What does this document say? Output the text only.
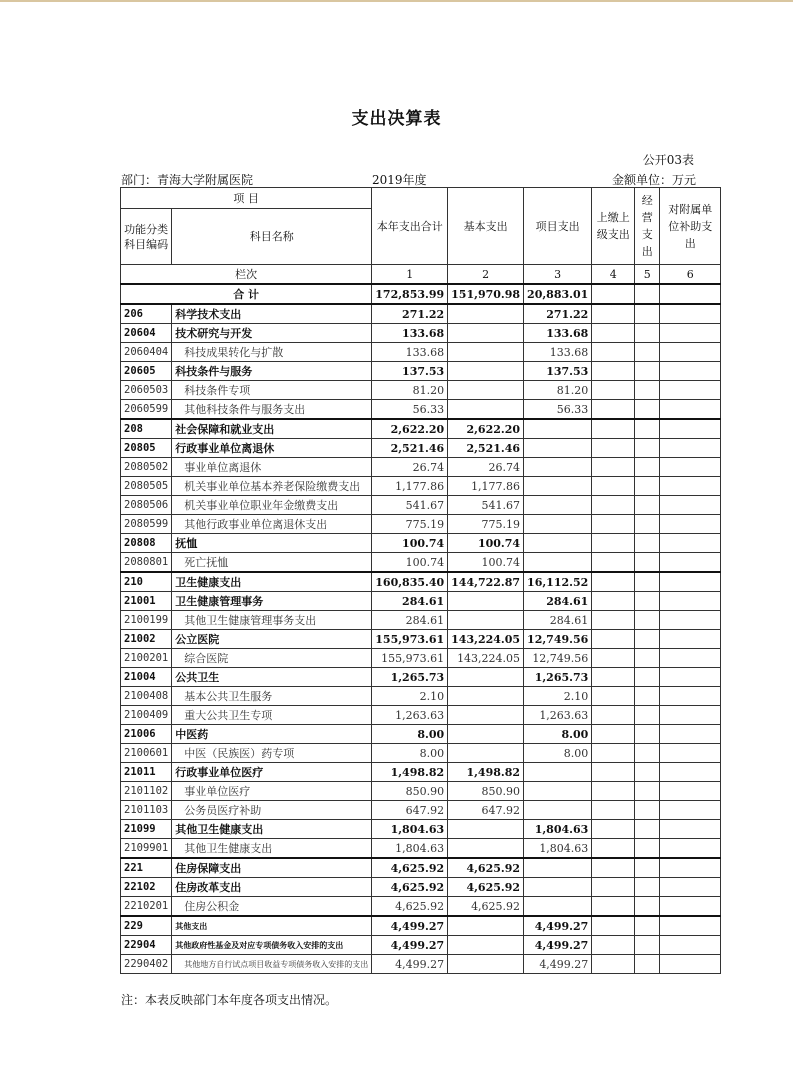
支出决算表
公开03表
部门：青海大学附属医院	2019年度	金额单位：万元
项 目		本年支出合计	基本支出	项目支出	上缴上级支出	经营支出	对附属单位补助支出
功能分类科目编码	科目名称						
栏次		1	2	3	4	5	6
合 计		172,853.99	151,970.98	20,883.01			
206	科学技术支出	271.22		271.22			
20604	技术研究与开发	133.68		133.68			
2060404	科技成果转化与扩散	133.68		133.68			
20605	科技条件与服务	137.53		137.53			
2060503	科技条件专项	81.20		81.20			
2060599	其他科技条件与服务支出	56.33		56.33			
208	社会保障和就业支出	2,622.20	2,622.20				
20805	行政事业单位离退休	2,521.46	2,521.46				
2080502	事业单位离退休	26.74	26.74				
2080505	机关事业单位基本养老保险缴费支出	1,177.86	1,177.86				
2080506	机关事业单位职业年金缴费支出	541.67	541.67				
2080599	其他行政事业单位离退休支出	775.19	775.19				
20808	抚恤	100.74	100.74				
2080801	死亡抚恤	100.74	100.74				
210	卫生健康支出	160,835.40	144,722.87	16,112.52			
21001	卫生健康管理事务	284.61		284.61			
2100199	其他卫生健康管理事务支出	284.61		284.61			
21002	公立医院	155,973.61	143,224.05	12,749.56			
2100201	综合医院	155,973.61	143,224.05	12,749.56			
21004	公共卫生	1,265.73		1,265.73			
2100408	基本公共卫生服务	2.10		2.10			
2100409	重大公共卫生专项	1,263.63		1,263.63			
21006	中医药	8.00		8.00			
2100601	中医（民族医）药专项	8.00		8.00			
21011	行政事业单位医疗	1,498.82	1,498.82				
2101102	事业单位医疗	850.90	850.90				
2101103	公务员医疗补助	647.92	647.92				
21099	其他卫生健康支出	1,804.63		1,804.63			
2109901	其他卫生健康支出	1,804.63		1,804.63			
221	住房保障支出	4,625.92	4,625.92				
22102	住房改革支出	4,625.92	4,625.92				
2210201	住房公积金	4,625.92	4,625.92				
229	其他支出	4,499.27		4,499.27			
22904	其他政府性基金及对应专项债务收入安排的支出	4,499.27		4,499.27			
2290402	其他地方自行试点项目收益专项债务收入安排的支出	4,499.27		4,499.27			
注：本表反映部门本年度各项支出情况。
